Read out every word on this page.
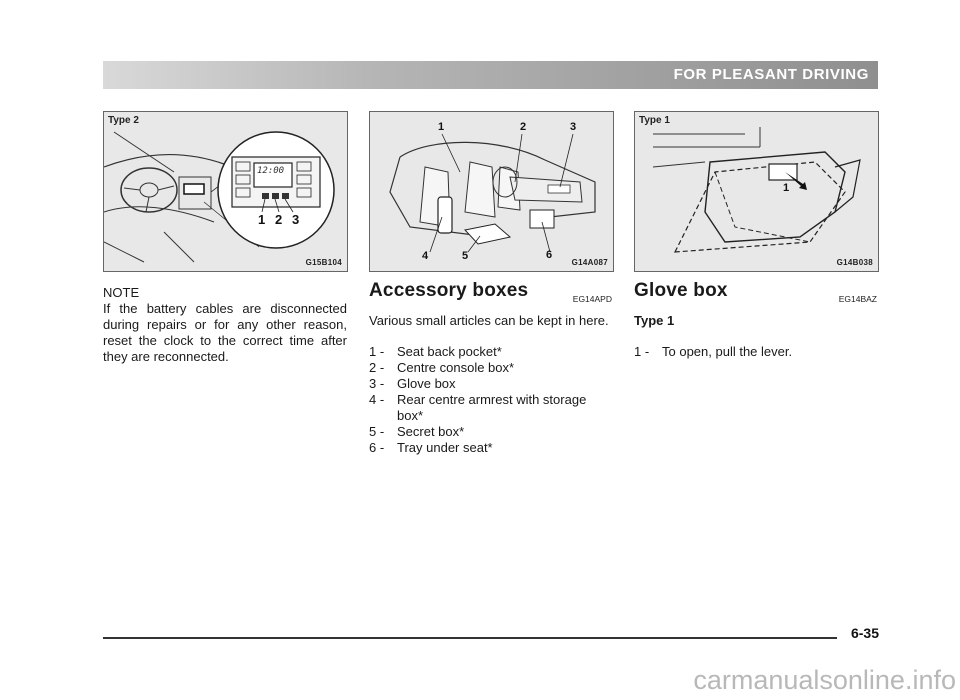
FOR PLEASANT DRIVING
Type 2
12:00
1 2 3
G15B104
1	2	3
4	5	6
G14A087
Type 1
1
G14B038
NOTE
If the battery cables are disconnected during repairs or for any other reason, reset the clock to the correct time after they are reconnected.
Accessory boxes	EG14APD

Various small articles can be kept in here.

1 - Seat back pocket*
2 - Centre console box*
3 - Glove box
4 - Rear centre armrest with storage box*
5 - Secret box*
6 - Tray under seat*
Glove box	EG14BAZ

Type 1

1 - To open, pull the lever.
6-35
carmanualsonline.info
